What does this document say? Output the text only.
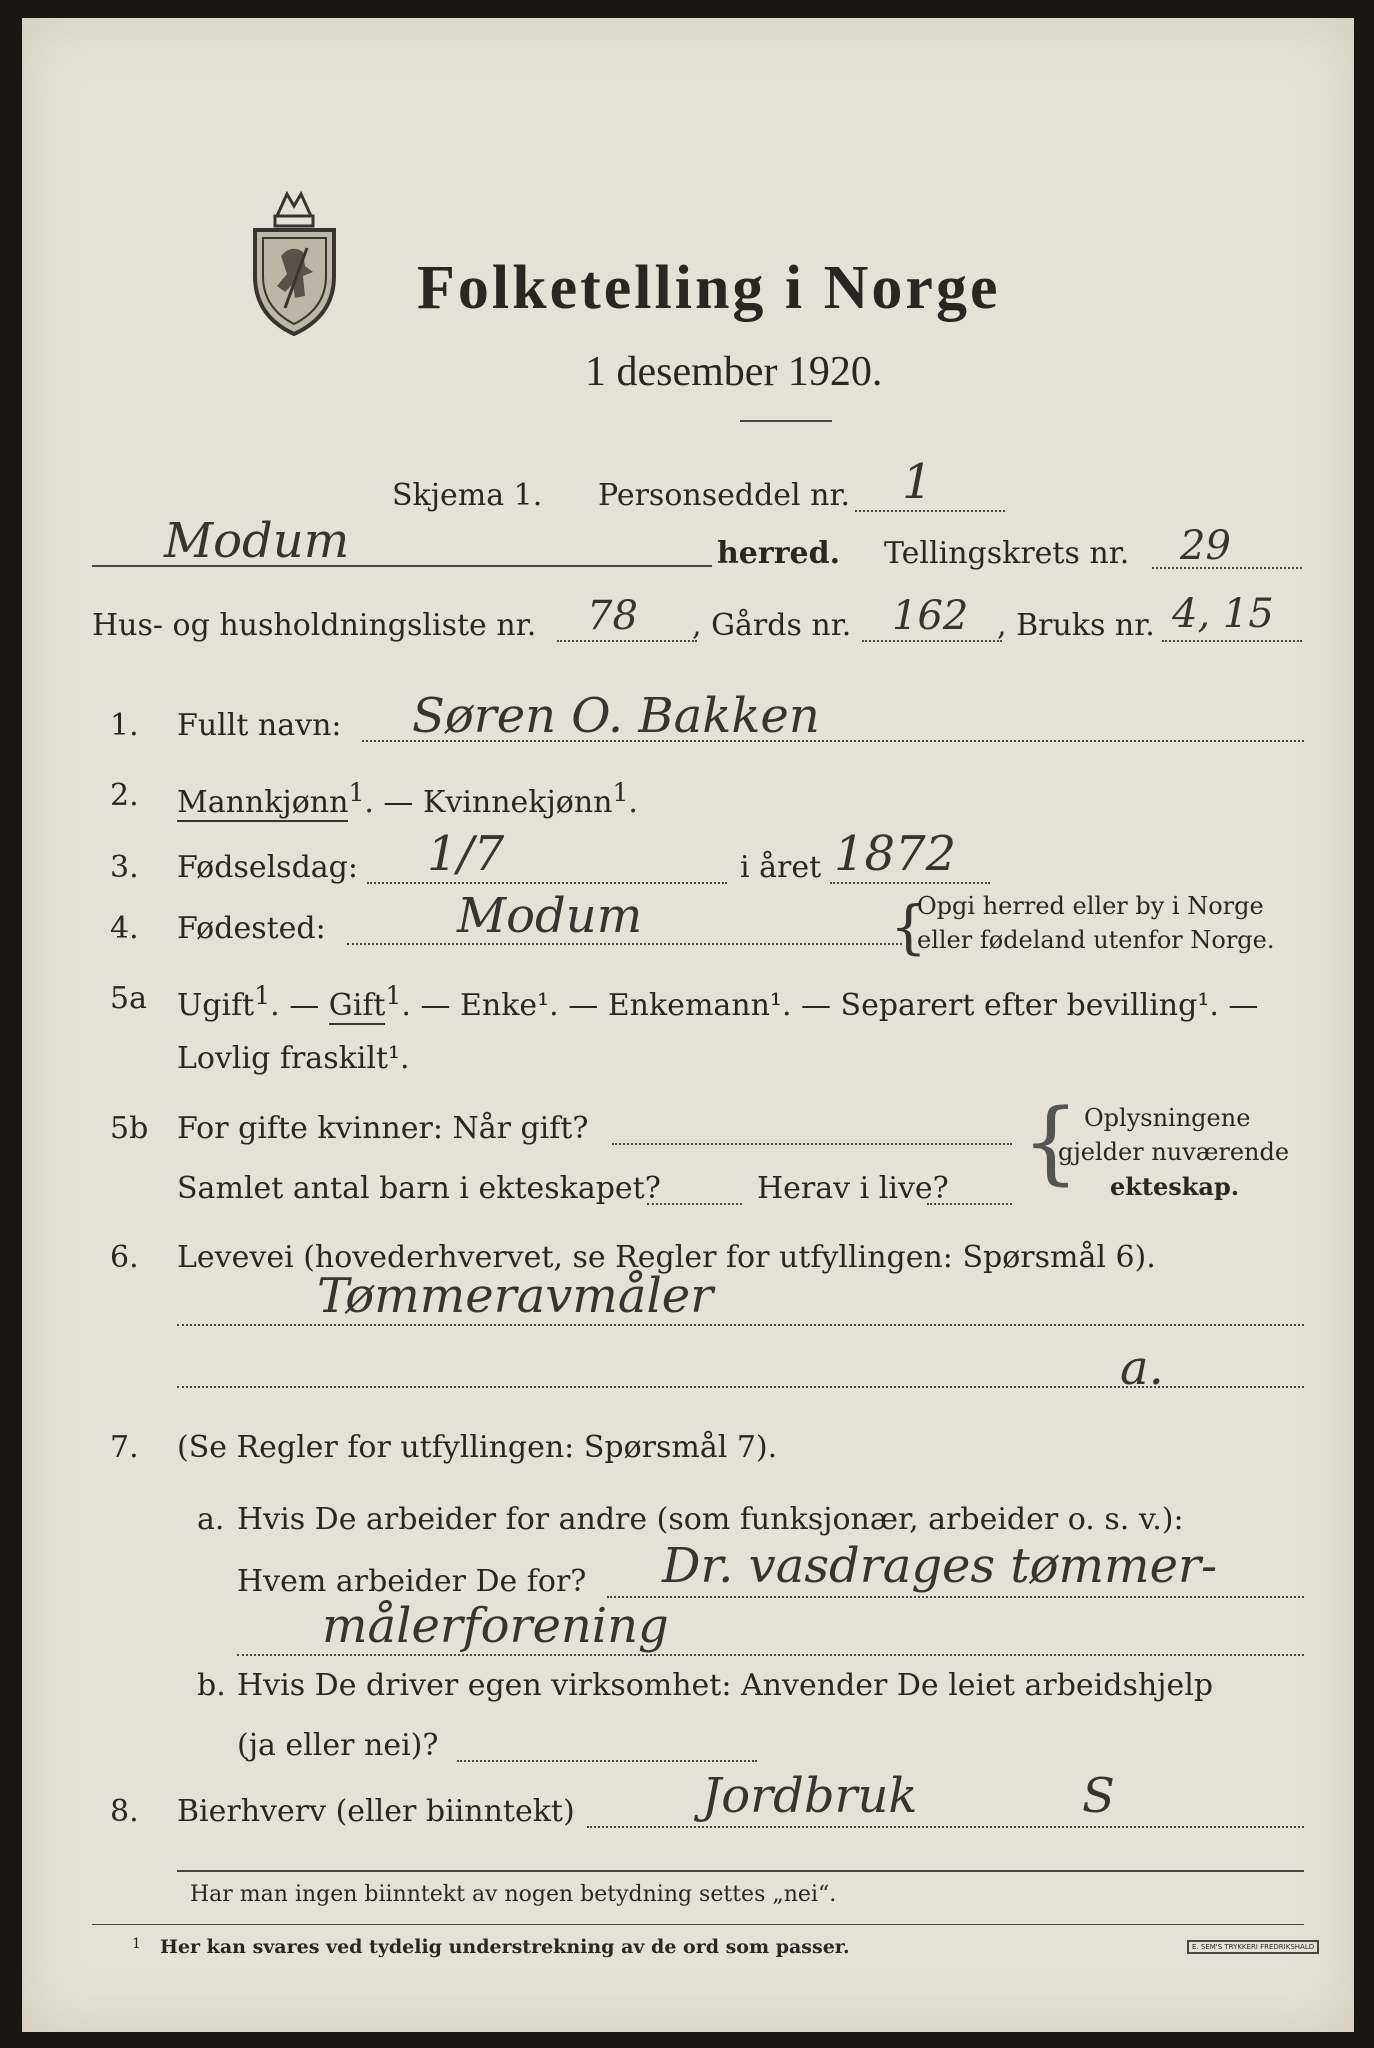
Folketelling i Norge
1 desember 1920.
Skjema 1. Personseddel nr. 1
Modum	herred. Tellingskrets nr. 29
Hus- og husholdningsliste nr. 78 , Gårds nr. 162 , Bruks nr. 4, 15
1. Fullt navn: Søren O. Bakken
2. Mannkjønn$^1$. — Kvinnekjønn$^1$.
3. Fødselsdag: 1/7	i året 1872
4. Fødested:	Modum	{
Opgi herred eller by i Norge
eller fødeland utenfor Norge.
5a Ugift$^1$. — Gift$^1$. — Enke¹. — Enkemann¹. — Separert efter bevilling¹. —
Lovlig fraskilt¹.
5b For gifte kvinner: Når gift?
Samlet antal barn i ekteskapet?	Herav i live? { Oplysningene
gjelder nuværende
ekteskap.
6. Levevei (hovederhvervet, se Regler for utfyllingen: Spørsmål 6).
Tømmeravmåler
a.
7. (Se Regler for utfyllingen: Spørsmål 7).
a. Hvis De arbeider for andre (som funksjonær, arbeider o. s. v.):
Hvem arbeider De for? Dr. vasdrages tømmer-
målerforening
b. Hvis De driver egen virksomhet: Anvender De leiet arbeidshjelp
(ja eller nei)?
8. Bierhverv (eller biinntekt)	Jordbruk	S
Har man ingen biinntekt av nogen betydning settes „nei“.
1 Her kan svares ved tydelig understrekning av de ord som passer.	E. SEM'S TRYKKERI FREDRIKSHALD
